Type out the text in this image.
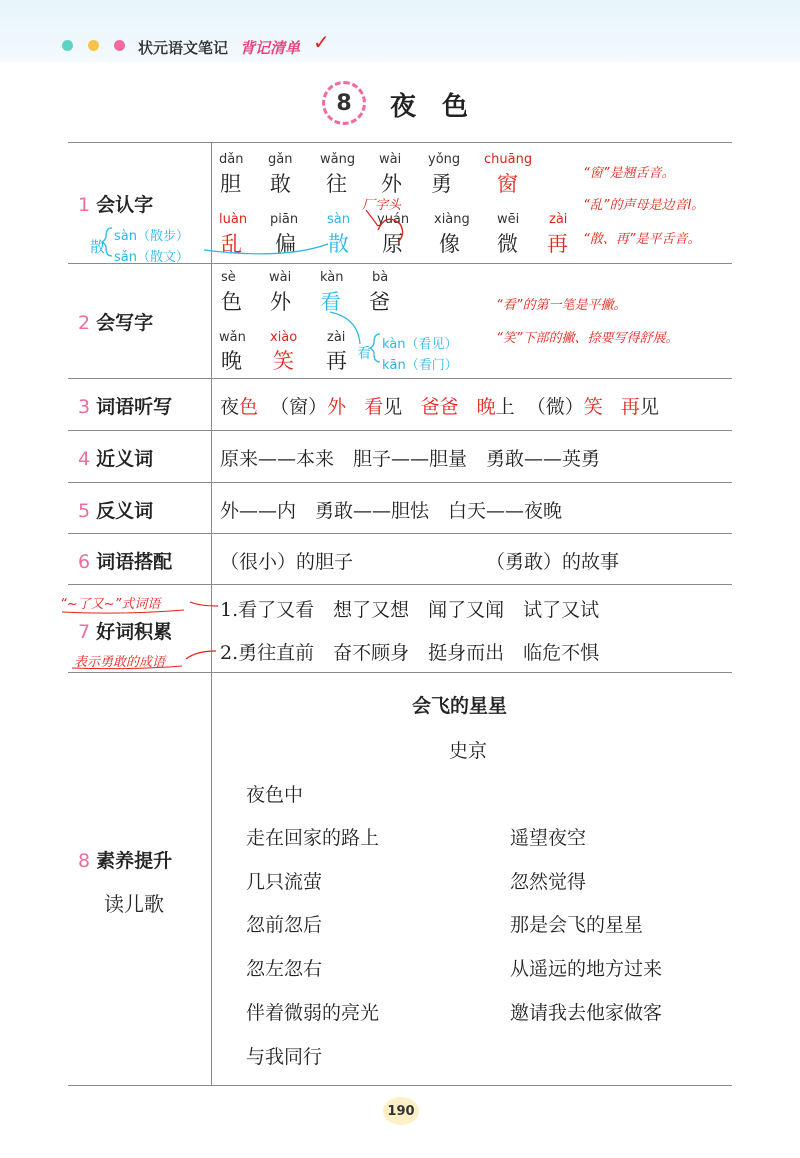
状元语文笔记 背记清单 ✓
8	夜色
1 会认字
2 会写字
3 词语听写
4 近义词
5 反义词
6 词语搭配
7 好词积累
8 素养提升
读儿歌
dǎn
胆
gǎn
敢
wǎng
往
wài
外
yǒng
勇
chuāng
窗
luàn
乱
piān
偏
sàn
散
yuán
原
xiàng
像
wēi
微
zài
再
“窗”是翘舌音。
“乱”的声母是边音l。
“散、再”是平舌音。
厂字头
散
sàn（散步）
sǎn（散文）
sè
色
wài
外
kàn
看
bà
爸
wǎn
晚
xiào
笑
zài
再 看
kàn（看见）
kān（看门）
“看”的第一笔是平撇。
“笑”下部的撇、捺要写得舒展。
夜色 （窗）外 看见 爸爸 晚上 （微）笑 再见
原来——本来　胆子——胆量　勇敢——英勇
外——内　勇敢——胆怯　白天——夜晚
（很小）的胆子	（勇敢）的故事
1.看了又看　想了又想　闻了又闻　试了又试
2.勇往直前　奋不顾身　挺身而出　临危不惧
“~了又~”式词语
表示勇敢的成语
会飞的星星
史京
夜色中
走在回家的路上
几只流萤
忽前忽后
忽左忽右
伴着微弱的亮光
与我同行
遥望夜空
忽然觉得
那是会飞的星星
从遥远的地方过来
邀请我去他家做客
190
